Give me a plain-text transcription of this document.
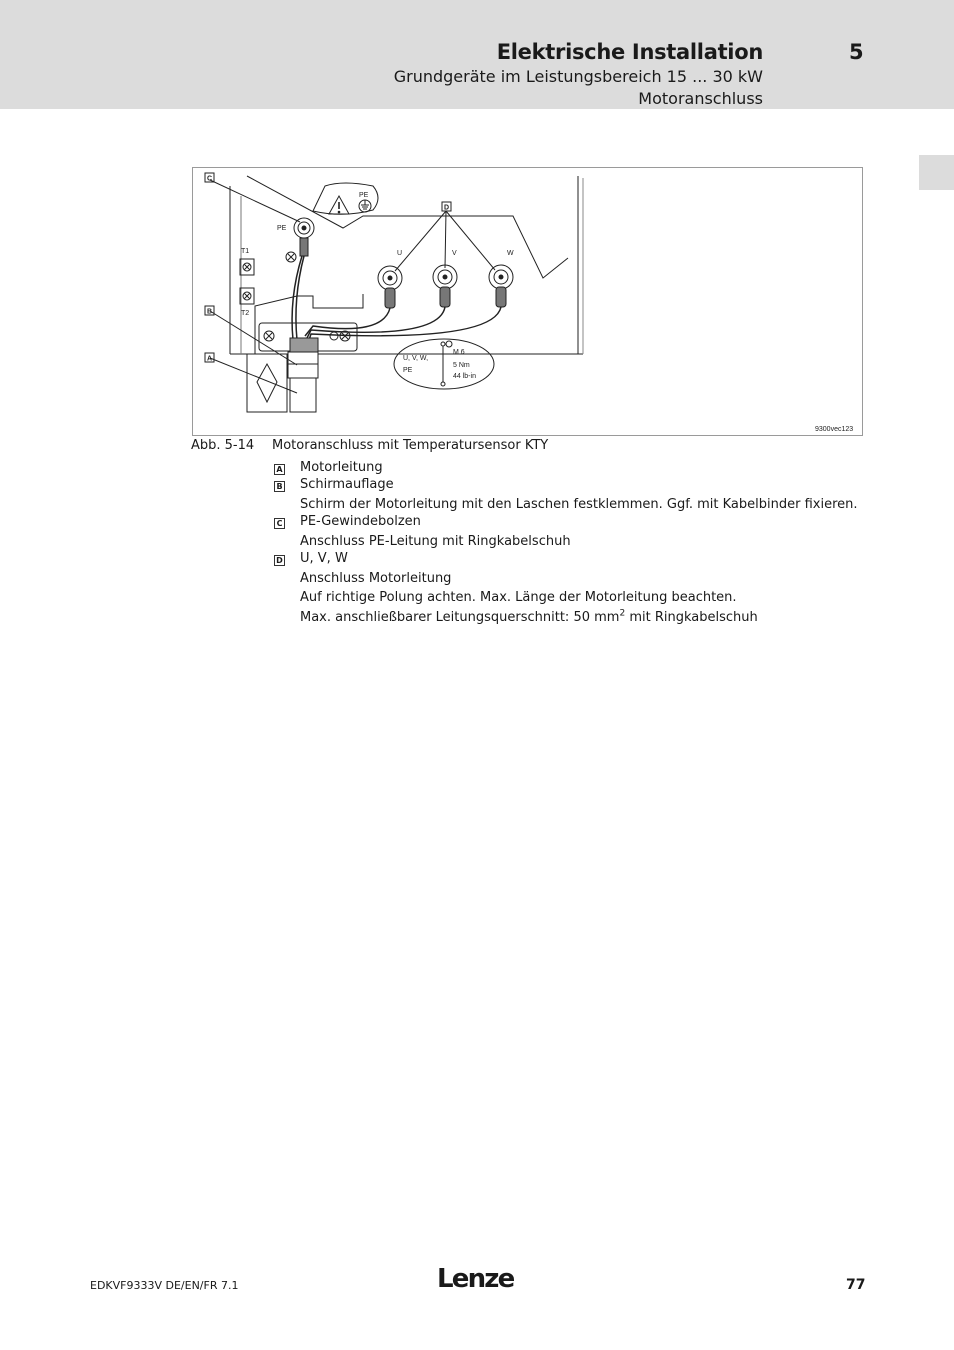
Elektrische Installation	5
Grundgeräte im Leistungsbereich 15 ... 30 kW
Motoranschluss
C
B
A
D
PE
PE
T1
T2
U	V	W
U, V, W,
PE
M 6
5 Nm
44 lb-in
9300vec123
Abb. 5-14 Motoranschluss mit Temperatursensor KTY
A Motorleitung
B Schirmauflage
Schirm der Motorleitung mit den Laschen festklemmen. Ggf. mit Kabelbinder fixieren.
C PE-Gewindebolzen
Anschluss PE-Leitung mit Ringkabelschuh
D U, V, W
Anschluss Motorleitung
Auf richtige Polung achten. Max. Länge der Motorleitung beachten.
Max. anschließbarer Leitungsquerschnitt: 50 $mm^2$ mit Ringkabelschuh
EDKVF9333V DE/EN/FR 7.1	Lenze	77
